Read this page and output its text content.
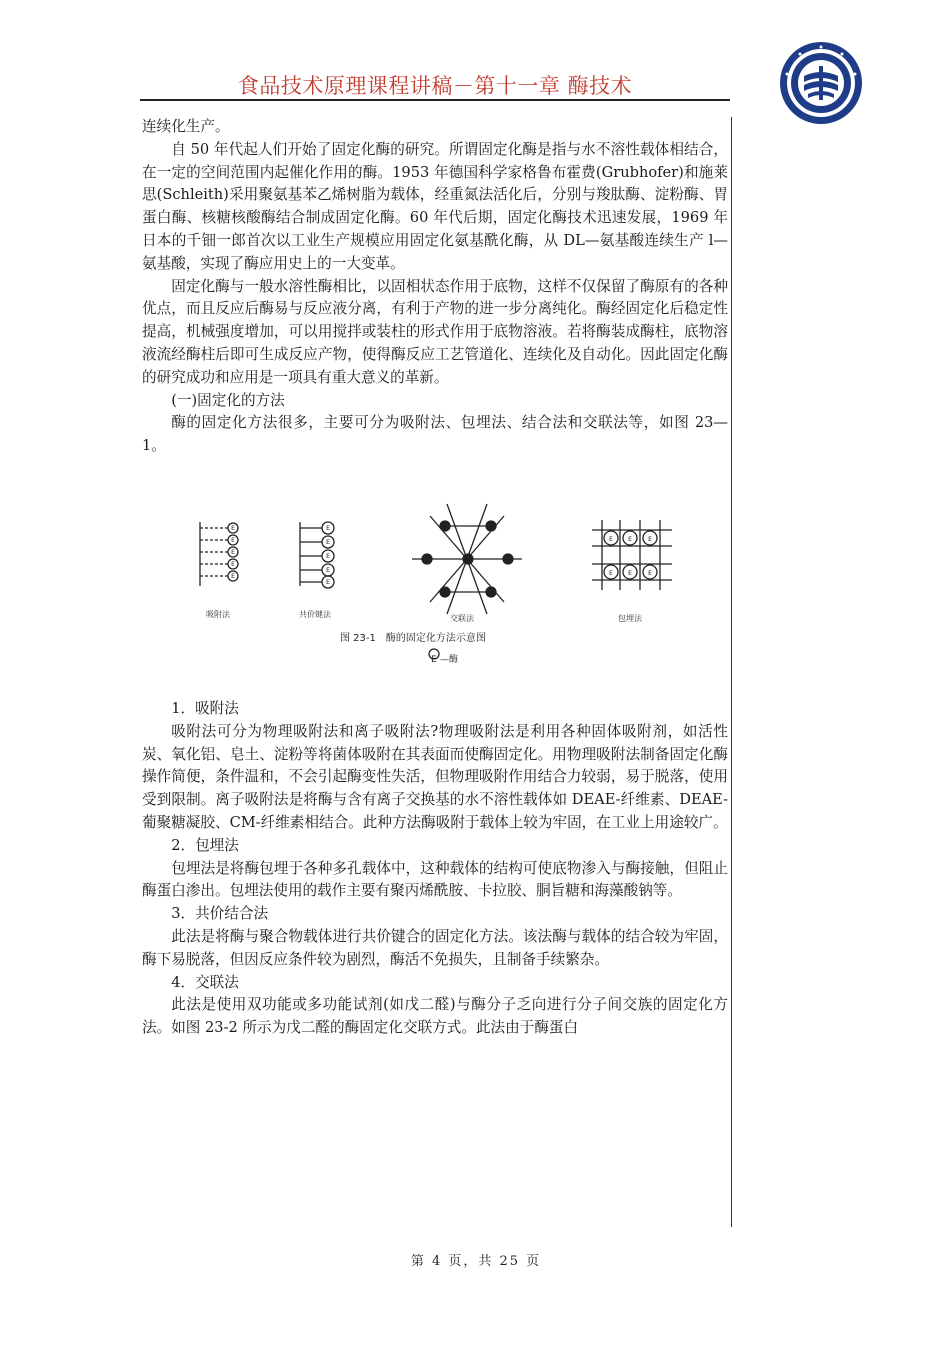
食品技术原理课程讲稿－第十一章 酶技术

连续化生产。

自 50 年代起人们开始了固定化酶的研究。所谓固定化酶是指与水不溶性载体相结合，在一定的空间范围内起催化作用的酶。1953 年德国科学家格鲁布霍费(Grubhofer)和施莱思(Schleith)采用聚氨基苯乙烯树脂为载体，经重氮法活化后，分别与羧肽酶、淀粉酶、胃蛋白酶、核糖核酸酶结合制成固定化酶。60 年代后期，固定化酶技术迅速发展，1969 年日本的千钿一郎首次以工业生产规模应用固定化氨基酰化酶，从 DL—氨基酸连续生产 l—氨基酸，实现了酶应用史上的一大变革。

固定化酶与一般水溶性酶相比，以固相状态作用于底物，这样不仅保留了酶原有的各种优点，而且反应后酶易与反应液分离，有利于产物的进一步分离纯化。酶经固定化后稳定性提高，机械强度增加，可以用搅拌或装柱的形式作用于底物溶液。若将酶装成酶柱，底物溶液流经酶柱后即可生成反应产物，使得酶反应工艺管道化、连续化及自动化。因此固定化酶的研究成功和应用是一项具有重大意义的革新。

(一)固定化的方法

酶的固定化方法很多，主要可分为吸附法、包埋法、结合法和交联法等，如图 23—1。

E
E
E
E
E
E
E
E
E
E
E	E	E
E	E	E
吸附法	共价键法	交联法	包埋法
图 23-1　酶的固定化方法示意图
E —酶

1．吸附法

吸附法可分为物理吸附法和离子吸附法?物理吸附法是利用各种固体吸附剂，如活性炭、氧化铝、皂土、淀粉等将菌体吸附在其表面而使酶固定化。用物理吸附法制备固定化酶操作简便，条件温和，不会引起酶变性失活，但物理吸附作用结合力较弱，易于脱落，使用受到限制。离子吸附法是将酶与含有离子交换基的水不溶性载体如 DEAE-纤维素、DEAE-葡聚糖凝胶、CM-纤维素相结合。此种方法酶吸附于载体上较为牢固，在工业上用途较广。

2．包埋法

包埋法是将酶包埋于各种多孔载体中，这种载体的结构可使底物渗入与酶接触，但阻止酶蛋白渗出。包埋法使用的载作主要有聚丙烯酰胺、卡拉胶、胴旨糖和海藻酸钠等。

3．共价结合法

此法是将酶与聚合物载体进行共价键合的固定化方法。该法酶与载体的结合较为牢固，酶下易脱落，但因反应条件较为剧烈，酶活不免损失，且制备手续繁杂。

4．交联法

此法是使用双功能或多功能试剂(如戊二醛)与酶分子乏向进行分子间交族的固定化方法。如图 23-2 所示为戊二醛的酶固定化交联方式。此法由于酶蛋白

第 4 页，共 25 页
